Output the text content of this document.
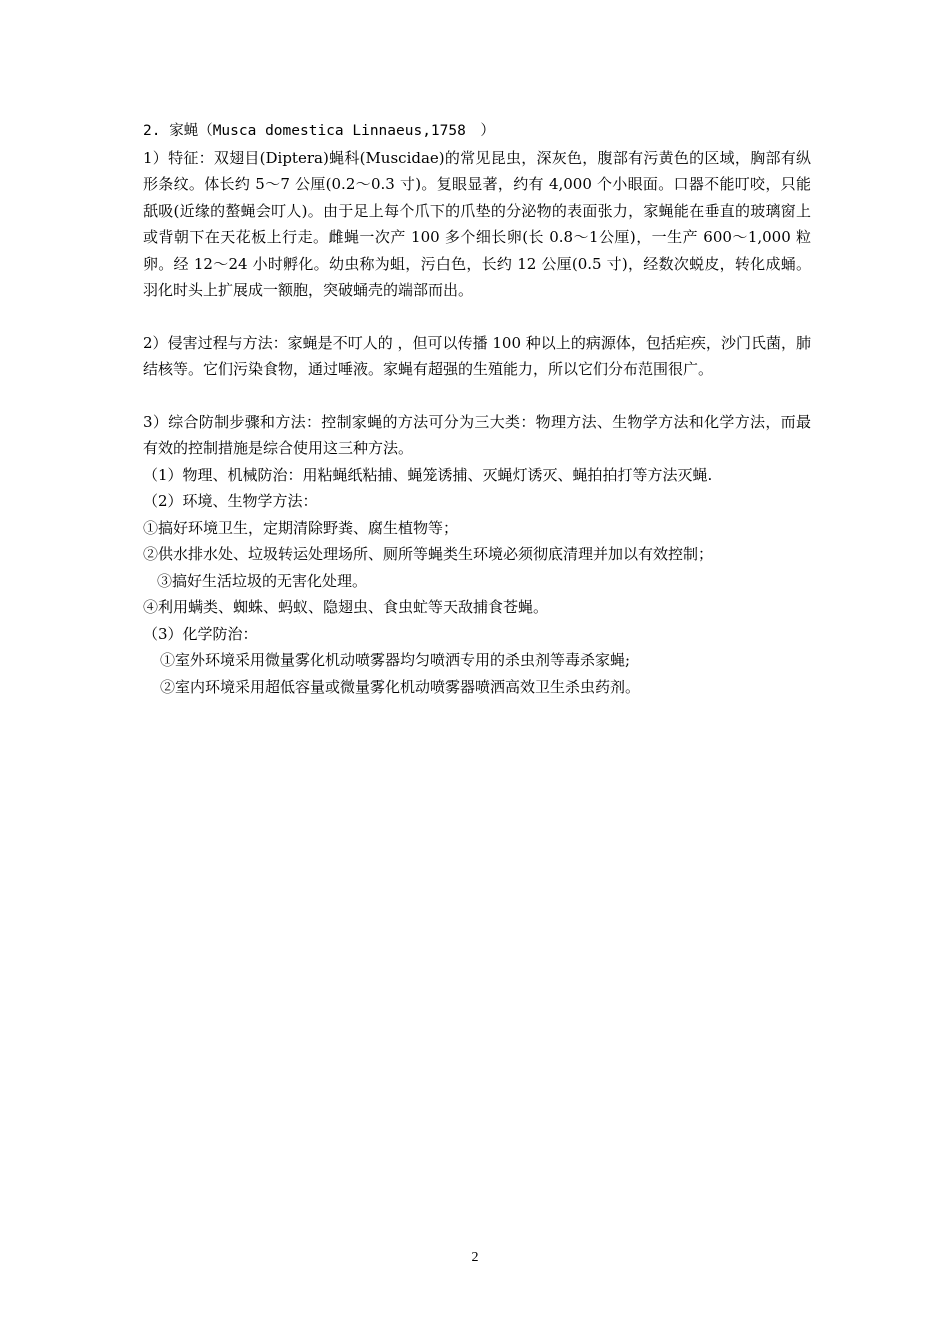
2. 家蝇（Musca domestica Linnaeus,1758　）

1）特征：双翅目(Diptera)蝇科(Muscidae)的常见昆虫，深灰色，腹部有污黄色的区域，胸部有纵形条纹。体长约 5～7 公厘(0.2～0.3 寸)。复眼显著，约有 4,000 个小眼面。口器不能叮咬，只能舐吸(近缘的螯蝇会叮人)。由于足上每个爪下的爪垫的分泌物的表面张力，家蝇能在垂直的玻璃窗上或背朝下在天花板上行走。雌蝇一次产 100 多个细长卵(长 0.8～1公厘)，一生产 600～1,000 粒卵。经 12～24 小时孵化。幼虫称为蛆，污白色，长约 12 公厘(0.5 寸)，经数次蜕皮，转化成蛹。羽化时头上扩展成一额胞，突破蛹壳的端部而出。

2）侵害过程与方法：家蝇是不叮人的 ，但可以传播 100 种以上的病源体，包括疟疾，沙门氏菌，肺结核等。它们污染食物，通过唾液。家蝇有超强的生殖能力，所以它们分布范围很广。

3）综合防制步骤和方法：控制家蝇的方法可分为三大类：物理方法、生物学方法和化学方法，而最有效的控制措施是综合使用这三种方法。

（1）物理、机械防治：用粘蝇纸粘捕、蝇笼诱捕、灭蝇灯诱灭、蝇拍拍打等方法灭蝇.

（2）环境、生物学方法：

①搞好环境卫生，定期清除野粪、腐生植物等；

②供水排水处、垃圾转运处理场所、厕所等蝇类生环境必须彻底清理并加以有效控制；

③搞好生活垃圾的无害化处理。

④利用螨类、蜘蛛、蚂蚁、隐翅虫、食虫虻等天敌捕食苍蝇。

（3）化学防治：

①室外环境采用微量雾化机动喷雾器均匀喷洒专用的杀虫剂等毒杀家蝇;

②室内环境采用超低容量或微量雾化机动喷雾器喷洒高效卫生杀虫药剂。

2
